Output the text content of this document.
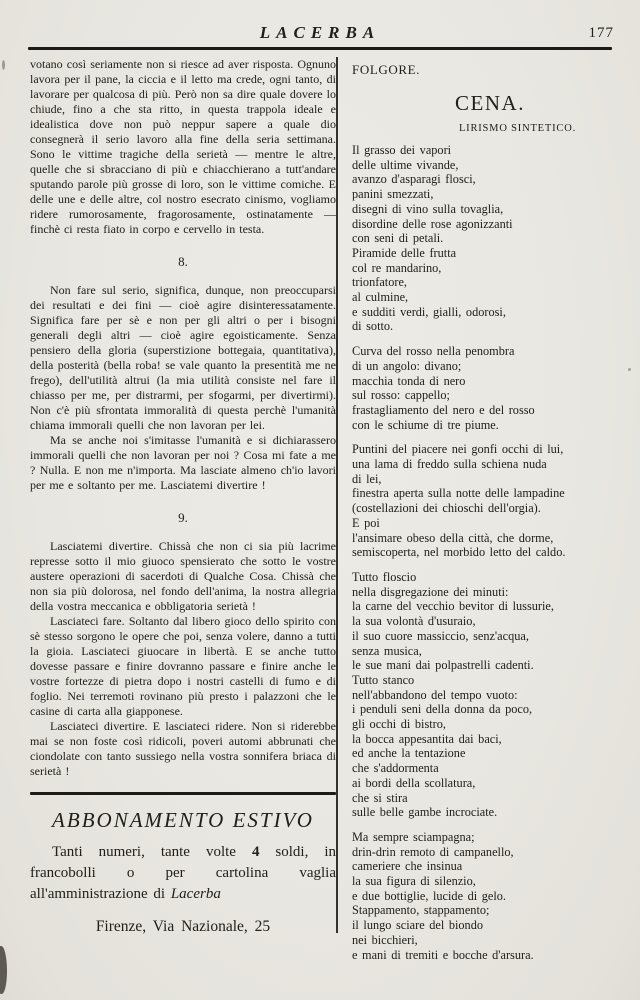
LACERBA	177

votano così seriamente non si riesce ad aver risposta. Ognuno lavora per il pane, la ciccia e il letto ma crede, ogni tanto, di lavorare per qualcosa di più. Però non sa dire quale dovere lo chiude, fino a che sta ritto, in questa trappola ideale e idealistica dove non può neppur sapere a quale dio consegnerà il serio lavoro alla fine della seria settimana. Sono le vittime tragiche della serietà — mentre le altre, quelle che si sbracciano di più e chiacchierano a tutt'andare sputando parole più grosse di loro, son le vittime comiche. E delle une e delle altre, col nostro esecrato cinismo, vogliamo ridere rumorosamente, fragorosamente, ostinatamente — finchè ci resta fiato in corpo e cervello in testa.

8.

Non fare sul serio, significa, dunque, non preoccuparsi dei resultati e dei fini — cioè agire disinteressatamente. Significa fare per sè e non per gli altri o per i bisogni generali degli altri — cioè agire egoisticamente. Senza pensiero della gloria (superstizione bottegaia, quantitativa), della posterità (bella roba! se vale quanto la presentità me ne frego), dell'utilità altrui (la mia utilità consiste nel fare il chiasso per me, per distrarmi, per sfogarmi, per divertirmi). Non c'è più sfrontata immoralità di questa perchè l'umanità chiama immorali quelli che non lavoran per lei.

Ma se anche noi s'imitasse l'umanità e si dichiarassero immorali quelli che non lavoran per noi ? Cosa mi fate a me ? Nulla. E non me n'importa. Ma lasciate almeno ch'io lavori per me e soltanto per me. Lasciatemi divertire !

9.

Lasciatemi divertire. Chissà che non ci sia più lacrime represse sotto il mio giuoco spensierato che sotto le vostre austere operazioni di sacerdoti di Qualche Cosa. Chissà che non sia più dolorosa, nel fondo dell'anima, la nostra allegria della vostra meccanica e obbligatoria serietà !

Lasciateci fare. Soltanto dal libero gioco dello spirito con sè stesso sorgono le opere che poi, senza volere, danno a tutti la gioia. Lasciateci giuocare in libertà. E se anche tutto dovesse passare e finire dovranno passare e finire anche le vostre fortezze di pietra dopo i nostri castelli di fumo e di foglio. Nei terremoti rovinano più presto i palazzoni che le casine di carta alla giapponese.

Lasciateci divertire. E lasciateci ridere. Non si riderebbe mai se non foste così ridicoli, poveri automi abbrunati che ciondolate con tanto sussiego nella vostra sonnifera briaca di serietà !

ABBONAMENTO ESTIVO

Tanti numeri, tante volte 4 soldi, in francobolli o per cartolina vaglia all'amministrazione di Lacerba

Firenze, Via Nazionale, 25
FOLGORE.
CENA.
LIRISMO SINTETICO.
Il grasso dei vapori
delle ultime vivande,
avanzo d'asparagi flosci,
panini smezzati,
disegni di vino sulla tovaglia,
disordine delle rose agonizzanti
con seni di petali.
Piramide delle frutta
col re mandarino,
trionfatore,
al culmine,
e sudditi verdi, gialli, odorosi,
di sotto.
Curva del rosso nella penombra
di un angolo: divano;
macchia tonda di nero
sul rosso: cappello;
frastagliamento del nero e del rosso
con le schiume di tre piume.
Puntini del piacere nei gonfi occhi di lui,
una lama di freddo sulla schiena nuda
di lei,
finestra aperta sulla notte delle lampadine
(costellazioni dei chioschi dell'orgia).
E poi
l'ansimare obeso della città, che dorme,
semiscoperta, nel morbido letto del caldo.
Tutto floscio
nella disgregazione dei minuti:
la carne del vecchio bevitor di lussurie,
la sua volontà d'usuraio,
il suo cuore massiccio, senz'acqua,
senza musica,
le sue mani dai polpastrelli cadenti.
Tutto stanco
nell'abbandono del tempo vuoto:
i penduli seni della donna da poco,
gli occhi di bistro,
la bocca appesantita dai baci,
ed anche la tentazione
che s'addormenta
ai bordi della scollatura,
che si stira
sulle belle gambe incrociate.
Ma sempre sciampagna;
drin-drin remoto di campanello,
cameriere che insinua
la sua figura di silenzio,
e due bottiglie, lucide di gelo.
Stappamento, stappamento;
il lungo sciare del biondo
nei bicchieri,
e mani di tremiti e bocche d'arsura.
